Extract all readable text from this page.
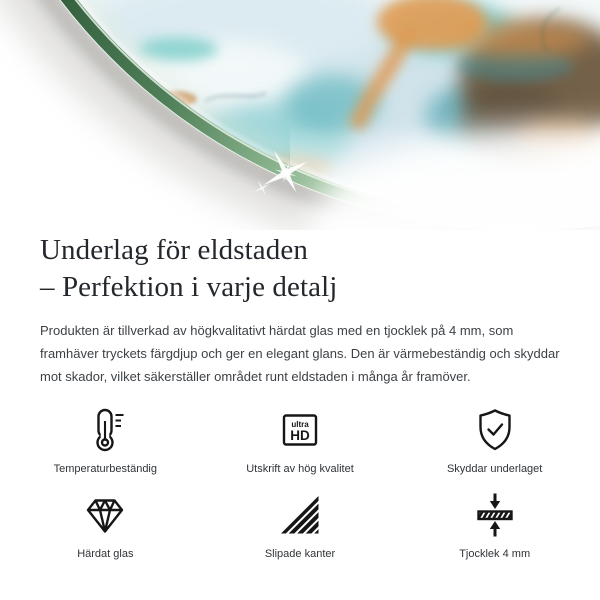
Underlag för eldstaden
– Perfektion i varje detalj

Produkten är tillverkad av högkvalitativt härdat glas med en tjocklek på 4 mm, som framhäver tryckets färgdjup och ger en elegant glans. Den är värmebeständig och skyddar mot skador, vilket säkerställer området runt eldstaden i många år framöver.

Temperaturbeständig
ultra
HD
Utskrift av hög kvalitet	Skyddar underlaget
Härdat glas	Slipade kanter	Tjocklek 4 mm
